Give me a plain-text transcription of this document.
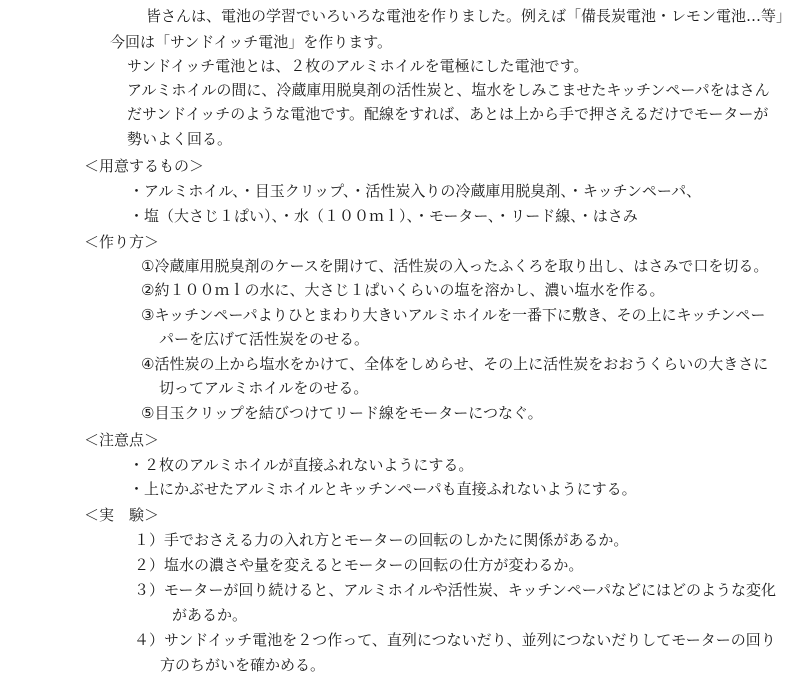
皆さんは、電池の学習でいろいろな電池を作りました。例えば「備長炭電池・レモン電池…等」
今回は「サンドイッチ電池」を作ります。
サンドイッチ電池とは、２枚のアルミホイルを電極にした電池です。
アルミホイルの間に、冷蔵庫用脱臭剤の活性炭と、塩水をしみこませたキッチンペーパをはさん
だサンドイッチのような電池です。配線をすれば、あとは上から手で押さえるだけでモーターが
勢いよく回る。
＜用意するもの＞
・アルミホイル、・目玉クリップ、・活性炭入りの冷蔵庫用脱臭剤、・キッチンペーパ、
・塩（大さじ１ぱい）、・水（１００ｍｌ）、・モーター、・リード線、・はさみ
＜作り方＞
①冷蔵庫用脱臭剤のケースを開けて、活性炭の入ったふくろを取り出し、はさみで口を切る。
②約１００ｍｌの水に、大さじ１ぱいくらいの塩を溶かし、濃い塩水を作る。
③キッチンペーパよりひとまわり大きいアルミホイルを一番下に敷き、その上にキッチンペー
パーを広げて活性炭をのせる。
④活性炭の上から塩水をかけて、全体をしめらせ、その上に活性炭をおおうくらいの大きさに
切ってアルミホイルをのせる。
⑤目玉クリップを結びつけてリード線をモーターにつなぐ。
＜注意点＞
・２枚のアルミホイルが直接ふれないようにする。
・上にかぶせたアルミホイルとキッチンペーパも直接ふれないようにする。
＜実　験＞
１）手でおさえる力の入れ方とモーターの回転のしかたに関係があるか。
２）塩水の濃さや量を変えるとモーターの回転の仕方が変わるか。
３）モーターが回り続けると、アルミホイルや活性炭、キッチンペーパなどにはどのような変化
があるか。
４）サンドイッチ電池を２つ作って、直列につないだり、並列につないだりしてモーターの回り
方のちがいを確かめる。
